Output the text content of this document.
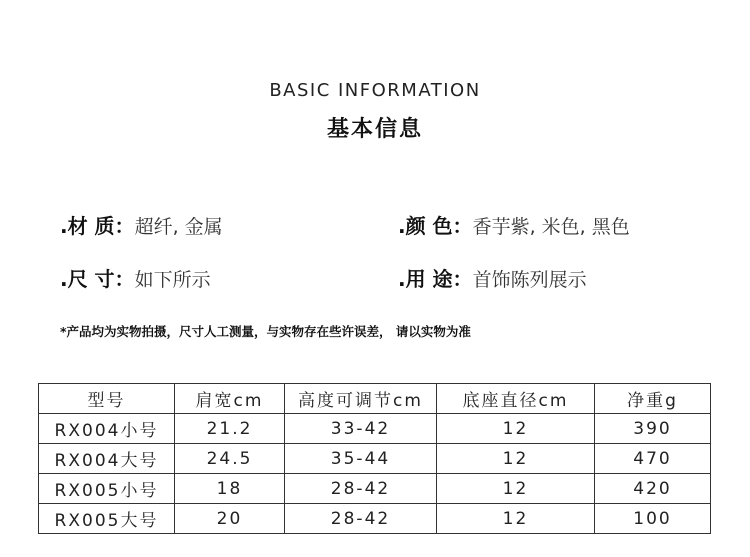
BASIC INFORMATION
基本信息
.材 质：超纤, 金属	.颜 色：香芋紫, 米色, 黑色
.尺 寸：如下所示	.用 途：首饰陈列展示
*产品均为实物拍摄，尺寸人工测量，与实物存在些许误差， 请以实物为准
型号	肩宽cm	高度可调节cm	底座直径cm	净重g
RX004小号	21.2	33-42	12	390
RX004大号	24.5	35-44	12	470
RX005小号	18	28-42	12	420
RX005大号	20	28-42	12	100
